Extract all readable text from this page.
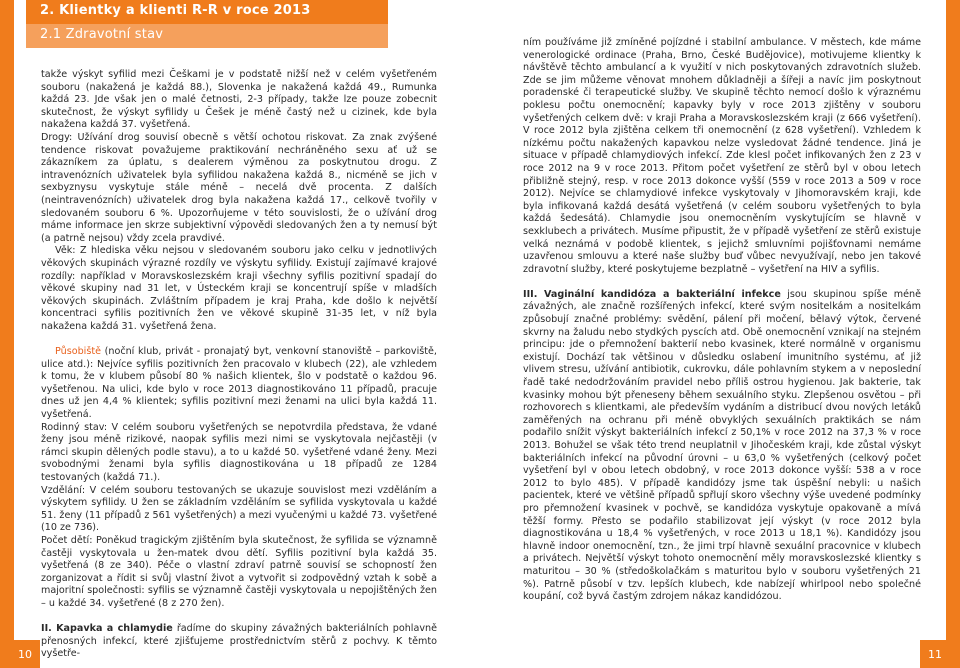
2. Klientky a klienti R-R v roce 2013
2.1 Zdravotní stav

takže výskyt syfilid mezi Češkami je v podstatě nižší než v celém vyšetřeném souboru (nakažená je každá 88.), Slovenka je nakažená každá 49., Rumunka každá 23. Jde však jen o malé četnosti, 2-3 případy, takže lze pouze zobecnit skutečnost, že výskyt syfilidy u Češek je méně častý než u cizinek, kde byla nakažena každá 37. vyšetřená.

Drogy: Užívání drog souvisí obecně s větší ochotou riskovat. Za znak zvýšené tendence riskovat považujeme praktikování nechráněného sexu ať už se zákazníkem za úplatu, s dealerem výměnou za poskytnutou drogu. Z intravenózních uživatelek byla syfilidou nakažena každá 8., nicméně se jich v sexbyznysu vyskytuje stále méně – necelá dvě procenta. Z dalších (neintravenózních) uživatelek drog byla nakažena každá 17., celkově tvořily v sledovaném souboru 6 %. Upozorňujeme v této souvislosti, že o užívání drog máme informace jen skrze subjektivní výpovědi sledovaných žen a ty nemusí být (a patrně nejsou) vždy zcela pravdivé.

Věk: Z hlediska věku nejsou v sledovaném souboru jako celku v jednotlivých věkových skupinách výrazné rozdíly ve výskytu syfilidy. Existují zajímavé krajové rozdíly: například v Moravskoslezském kraji všechny syfilis pozitivní spadají do věkové skupiny nad 31 let, v Ústeckém kraji se koncentrují spíše v mladších věkových skupinách. Zvláštním případem je kraj Praha, kde došlo k největší koncentraci syfilis pozitivních žen ve věkové skupině 31-35 let, v níž byla nakažena každá 31. vyšetřená žena.

Působiště (noční klub, privát - pronajatý byt, venkovní stanoviště – parkoviště, ulice atd.): Nejvíce syfilis pozitivních žen pracovalo v klubech (22), ale vzhledem k tomu, že v klubem působí 80 % našich klientek, šlo v podstatě o každou 96. vyšetřenou. Na ulici, kde bylo v roce 2013 diagnostikováno 11 případů, pracuje dnes už jen 4,4 % klientek; syfilis pozitivní mezi ženami na ulici byla každá 11. vyšetřená.

Rodinný stav: V celém souboru vyšetřených se nepotvrdila představa, že vdané ženy jsou méně rizikové, naopak syfilis mezi nimi se vyskytovala nejčastěji (v rámci skupin dělených podle stavu), a to u každé 50. vyšetřené vdané ženy. Mezi svobodnými ženami byla syfilis diagnostikována u 18 případů ze 1284 testovaných (každá 71.).

Vzdělání: V celém souboru testovaných se ukazuje souvislost mezi vzděláním a výskytem syfilidy. U žen se základním vzděláním se syfilida vyskytovala u každé 51. ženy (11 případů z 561 vyšetřených) a mezi vyučenými u každé 73. vyšetřené (10 ze 736).

Počet dětí: Poněkud tragickým zjištěním byla skutečnost, že syfilida se významně častěji vyskytovala u žen-matek dvou dětí. Syfilis pozitivní byla každá 35. vyšetřená (8 ze 340). Péče o vlastní zdraví patrně souvisí se schopností žen zorganizovat a řídit si svůj vlastní život a vytvořit si zodpovědný vztah k sobě a majoritní společnosti: syfilis se významně častěji vyskytovala u nepojištěných žen – u každé 34. vyšetřené (8 z 270 žen).

II. Kapavka a chlamydie řadíme do skupiny závažných bakteriálních pohlavně přenosných infekcí, které zjišťujeme prostřednictvím stěrů z pochvy. K těmto vyšetře-

ním používáme již zmíněné pojízdné i stabilní ambulance. V městech, kde máme venerologické ordinace (Praha, Brno, České Budějovice), motivujeme klientky k návštěvě těchto ambulancí a k využití v nich poskytovaných zdravotních služeb. Zde se jim můžeme věnovat mnohem důkladněji a šířeji a navíc jim poskytnout poradenské či terapeutické služby. Ve skupině těchto nemocí došlo k výraznému poklesu počtu onemocnění; kapavky byly v roce 2013 zjištěny v souboru vyšetřených celkem dvě: v kraji Praha a Moravskoslezském kraji (z 666 vyšetření). V roce 2012 byla zjištěna celkem tři onemocnění (z 628 vyšetření). Vzhledem k nízkému počtu nakažených kapavkou nelze vysledovat žádné tendence. Jiná je situace v případě chlamydiových infekcí. Zde klesl počet infikovaných žen z 23 v roce 2012 na 9 v roce 2013. Přitom počet vyšetření ze stěrů byl v obou letech přibližně stejný, resp. v roce 2013 dokonce vyšší (559 v roce 2013 a 509 v roce 2012). Nejvíce se chlamydiové infekce vyskytovaly v Jihomoravském kraji, kde byla infikovaná každá desátá vyšetřená (v celém souboru vyšetřených to byla každá šedesátá). Chlamydie jsou onemocněním vyskytujícím se hlavně v sexklubech a privátech. Musíme připustit, že v případě vyšetření ze stěrů existuje velká neznámá v podobě klientek, s jejichž smluvními pojišťovnami nemáme uzavřenou smlouvu a které naše služby buď vůbec nevyužívají, nebo jen takové zdravotní služby, které poskytujeme bezplatně – vyšetření na HIV a syfilis.

III. Vaginální kandidóza a bakteriální infekce jsou skupinou spíše méně závažných, ale značně rozšířených infekcí, které svým nositelkám a nositelkám způsobují značné problémy: svědění, pálení při močení, bělavý výtok, červené skvrny na žaludu nebo stydkých pyscích atd. Obě onemocnění vznikají na stejném principu: jde o přemnožení bakterií nebo kvasinek, které normálně v organismu existují. Dochází tak většinou v důsledku oslabení imunitního systému, ať již vlivem stresu, užívání antibiotik, cukrovku, dále pohlavním stykem a v neposlední řadě také nedodržováním pravidel nebo příliš ostrou hygienou. Jak bakterie, tak kvasinky mohou být přeneseny během sexuálního styku. Zlepšenou osvětou – při rozhovorech s klientkami, ale především vydáním a distribucí dvou nových letáků zaměřených na ochranu při méně obvyklých sexuálních praktikách se nám podařilo snížit výskyt bakteriálních infekcí z 50,1% v roce 2012 na 37,3 % v roce 2013. Bohužel se však této trend neuplatnil v Jihočeském kraji, kde zůstal výskyt bakteriálních infekcí na původní úrovni – u 63,0 % vyšetřených (celkový počet vyšetření byl v obou letech obdobný, v roce 2013 dokonce vyšší: 538 a v roce 2012 to bylo 485). V případě kandidózy jsme tak úspěšní nebyli: u našich pacientek, které ve většině případů spřlují skoro všechny výše uvedené podmínky pro přemnožení kvasinek v pochvě, se kandidóza vyskytuje opakovaně a mívá těžší formy. Přesto se podařilo stabilizovat její výskyt (v roce 2012 byla diagnostikována u 18,4 % vyšetřených, v roce 2013 u 18,1 %). Kandidózy jsou hlavně indoor onemocnění, tzn., že jimi trpí hlavně sexuální pracovnice v klubech a privátech. Největší výskyt tohoto onemocnění měly moravskoslezské klientky s maturitou – 30 % (středoškolačkám s maturitou bylo v souboru vyšetřených 21 %). Patrně působí v tzv. lepších klubech, kde nabízejí whirlpool nebo společné koupání, což byvá častým zdrojem nákaz kandidózou.

10	11
